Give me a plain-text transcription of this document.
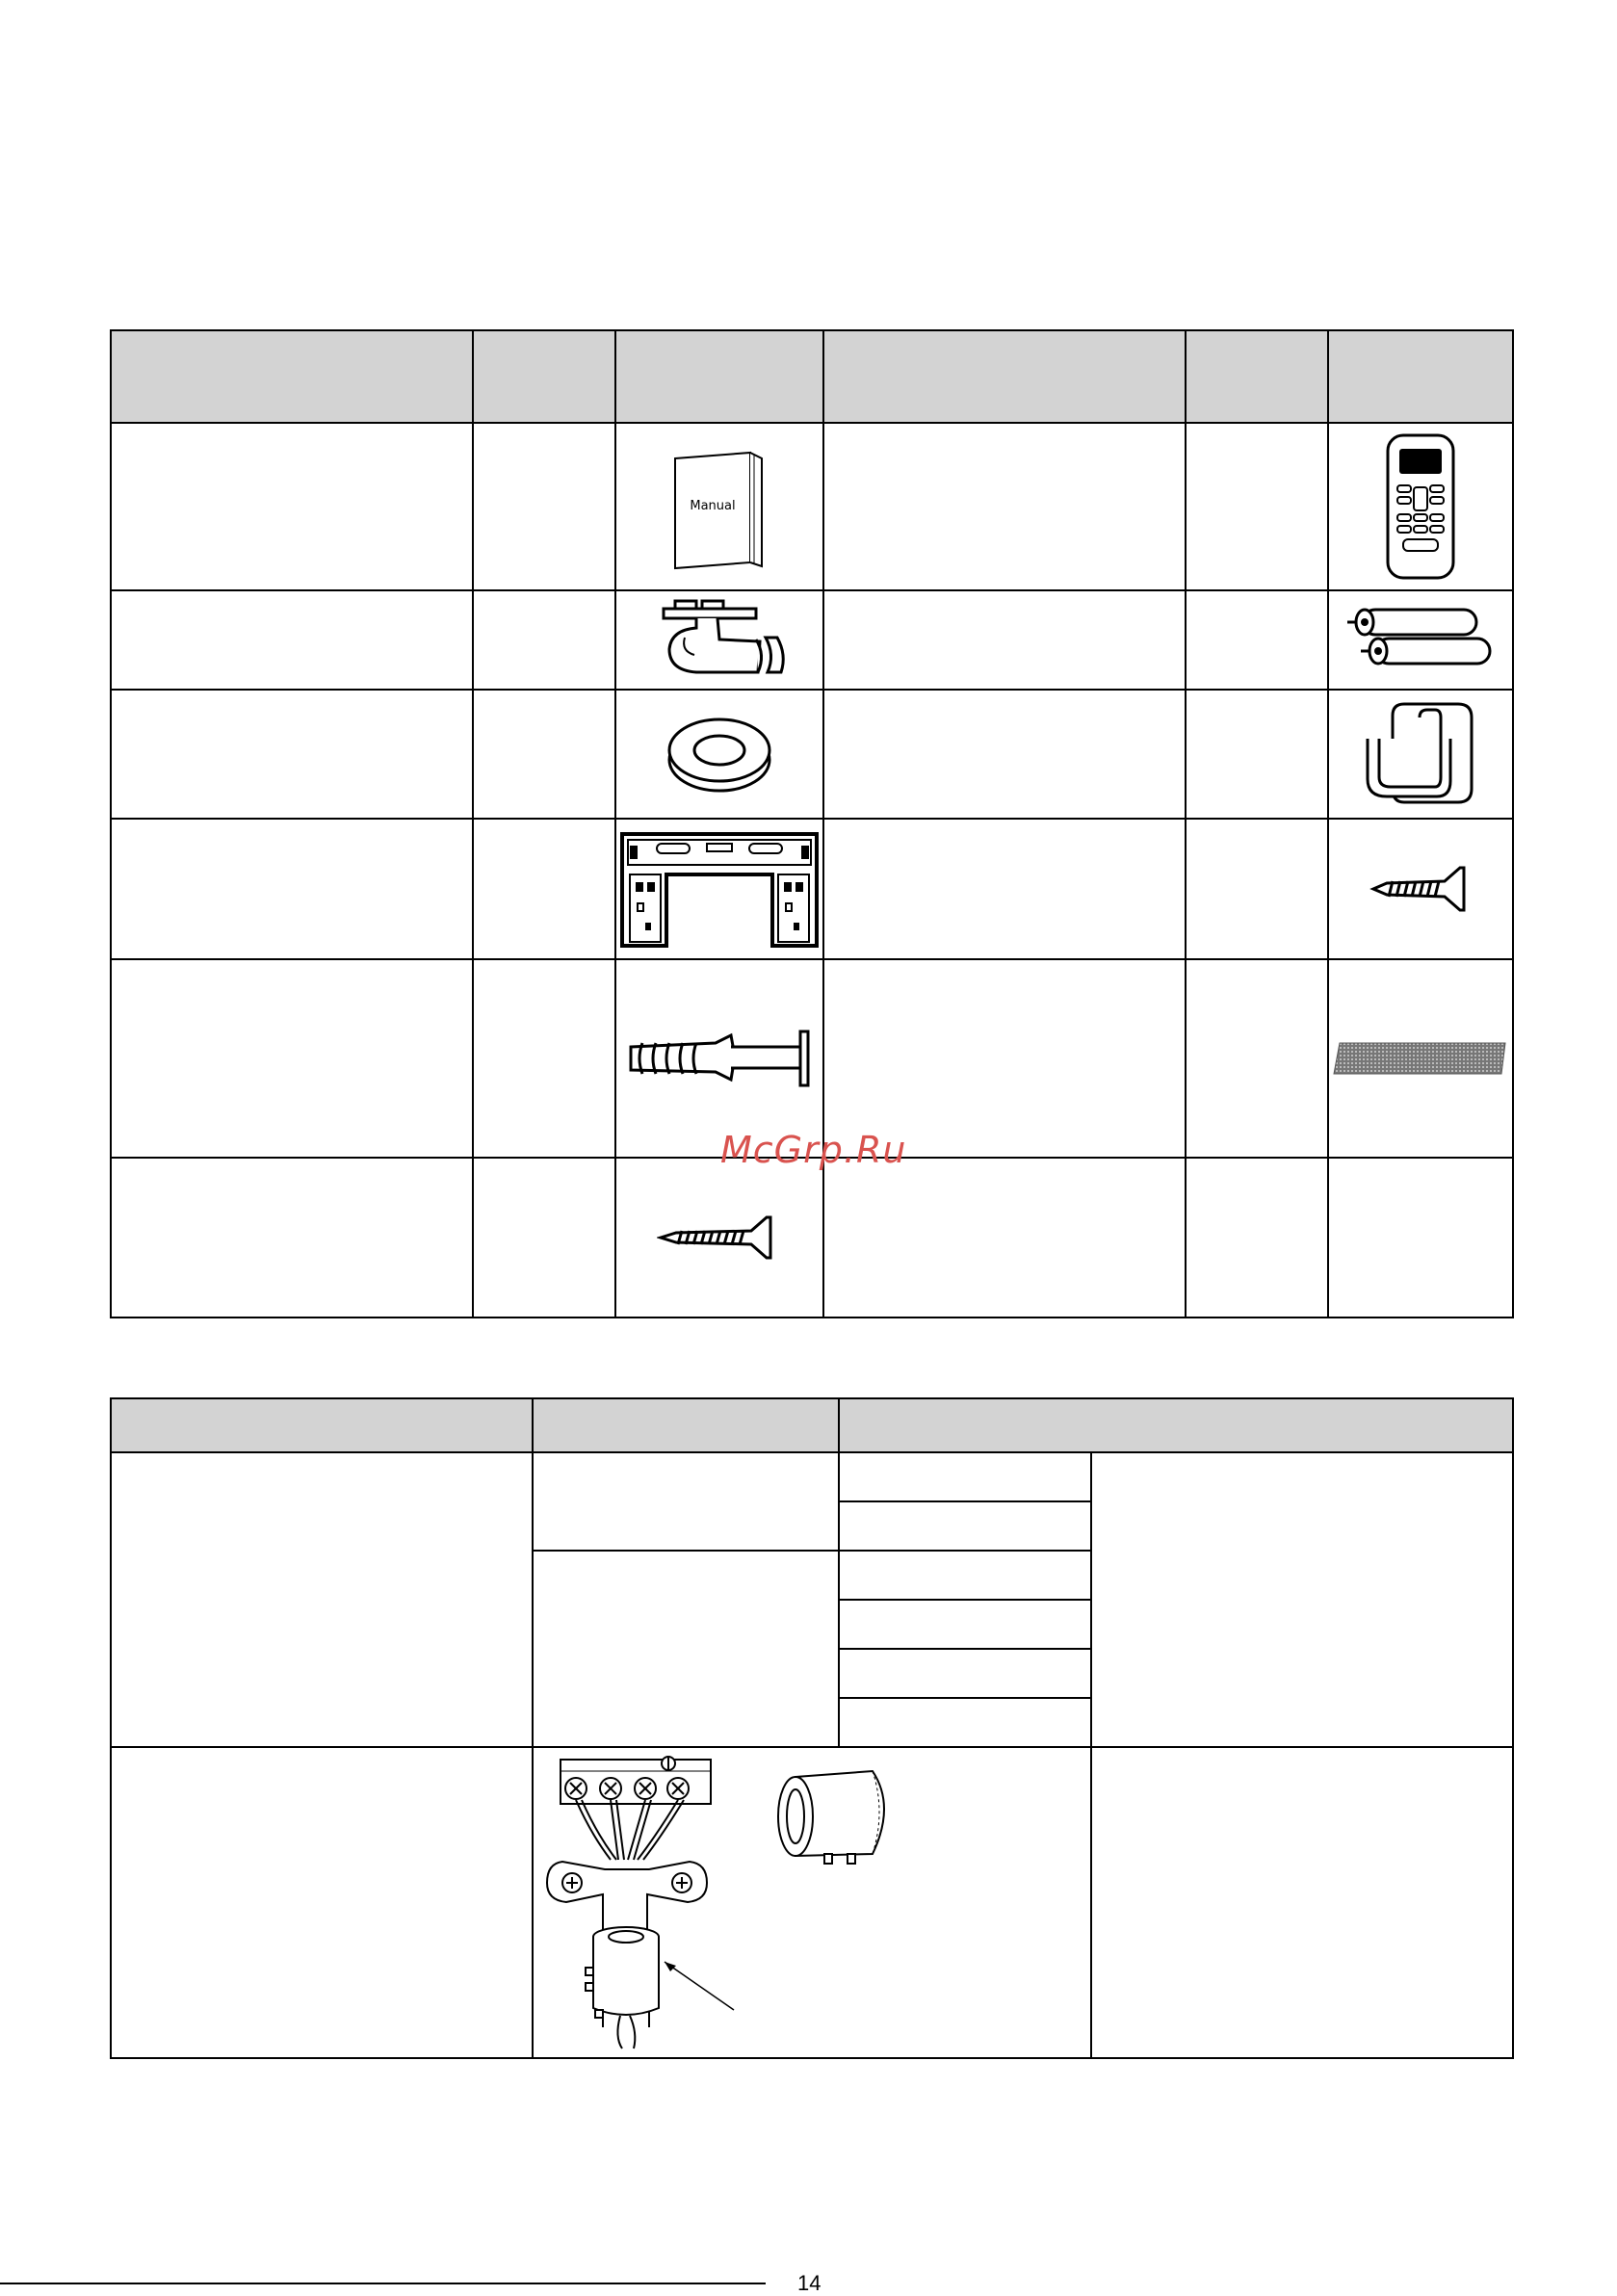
Manual

McGrp.Ru
14
